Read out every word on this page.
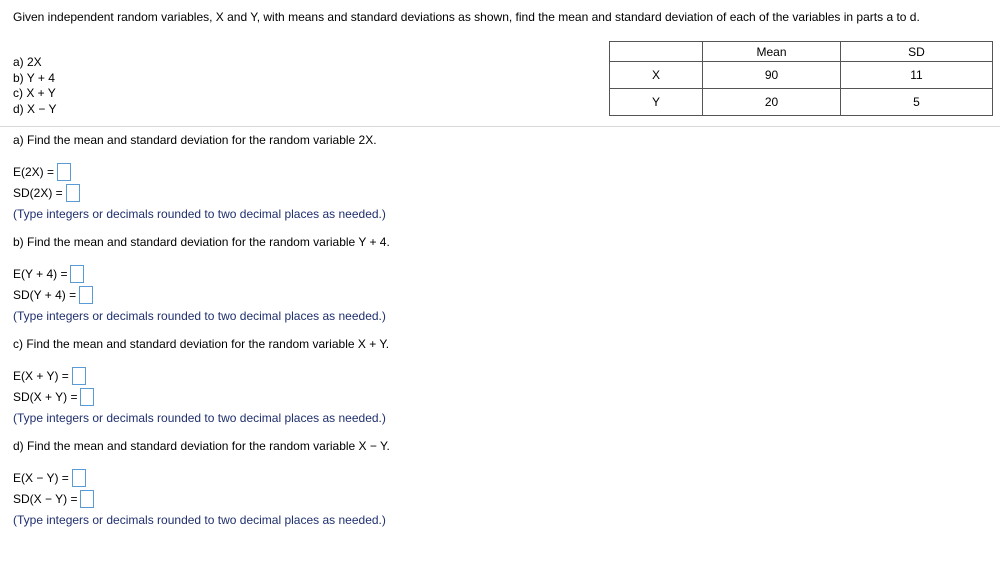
Given independent random variables, X and Y, with means and standard deviations as shown, find the mean and standard deviation of each of the variables in parts a to d.
a) 2X
b) Y + 4
c) X + Y
d) X − Y
	Mean	SD
X	90	11
Y	20	5
a) Find the mean and standard deviation for the random variable 2X.
E(2X) =
SD(2X) =
(Type integers or decimals rounded to two decimal places as needed.)
b) Find the mean and standard deviation for the random variable Y + 4.
E(Y + 4) =
SD(Y + 4) =
(Type integers or decimals rounded to two decimal places as needed.)
c) Find the mean and standard deviation for the random variable X + Y.
E(X + Y) =
SD(X + Y) =
(Type integers or decimals rounded to two decimal places as needed.)
d) Find the mean and standard deviation for the random variable X − Y.
E(X − Y) =
SD(X − Y) =
(Type integers or decimals rounded to two decimal places as needed.)
